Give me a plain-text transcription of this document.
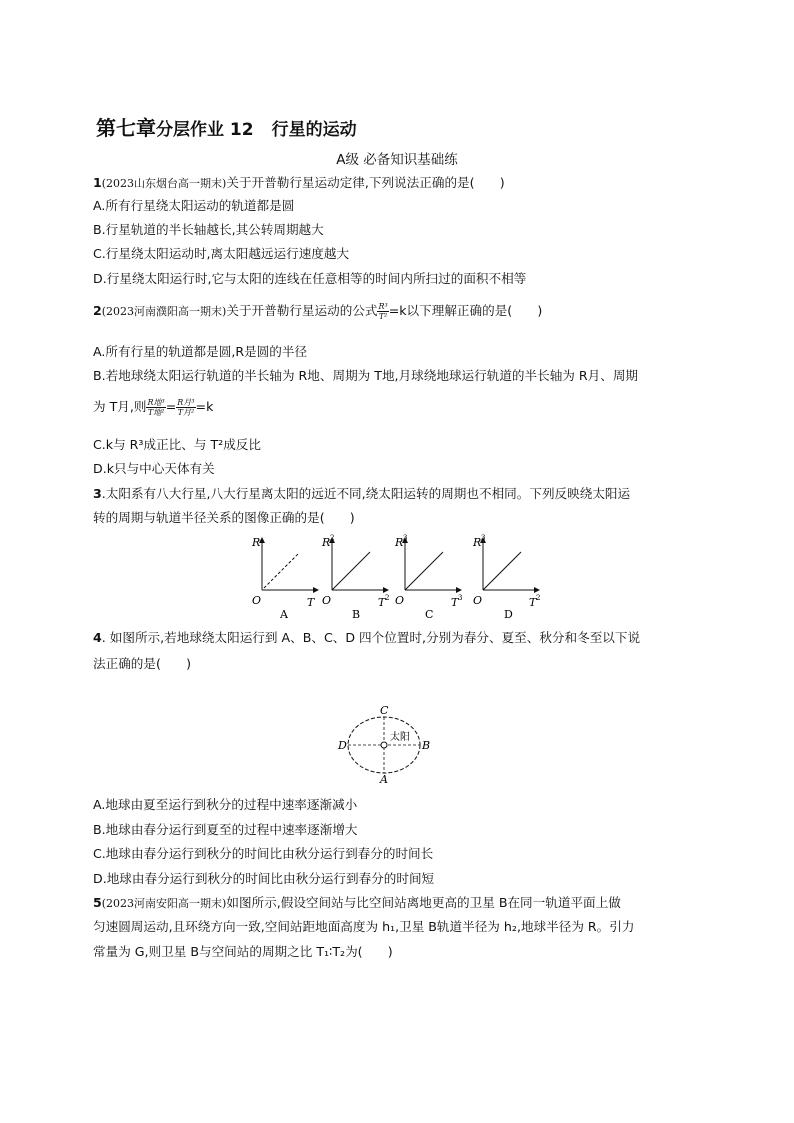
第七章分层作业 12 行星的运动
A级 必备知识基础练
1(2023山东烟台高一期末)关于开普勒行星运动定律,下列说法正确的是(　　)
A.所有行星绕太阳运动的轨道都是圆
B.行星轨道的半长轴越长,其公转周期越大
C.行星绕太阳运动时,离太阳越远运行速度越大
D.行星绕太阳运行时,它与太阳的连线在任意相等的时间内所扫过的面积不相等
2(2023河南濮阳高一期末)关于开普勒行星运动的公式 $\frac{\text{R³}}{\text{T²}} =k$以下理解正确的是(　　)
A.所有行星的轨道都是圆,R是圆的半径
B.若地球绕太阳运行轨道的半长轴为 R地、周期为 T地,月球绕地球运行轨道的半长轴为 R月、周期
为 T月,则 $\frac{\text{R地³}}{\text{T地²}} = \frac{\text{R月³}}{\text{T月²}} =k$
C.k与 R³成正比、与 T²成反比
D.k只与中心天体有关
3.太阳系有八大行星,八大行星离太阳的远近不同,绕太阳运转的周期也不相同。下列反映绕太阳运
转的周期与轨道半径关系的图像正确的是(　　)
R
T
O
A
R 2
T 2
O
B
R 3
T 3
O
C
R 3
T 2
O
D
4. 如图所示,若地球绕太阳运行到 A、B、C、D 四个位置时,分别为春分、夏至、秋分和冬至以下说
法正确的是(　　)
C
A
D	B
太阳
A.地球由夏至运行到秋分的过程中速率逐渐减小
B.地球由春分运行到夏至的过程中速率逐渐增大
C.地球由春分运行到秋分的时间比由秋分运行到春分的时间长
D.地球由春分运行到秋分的时间比由秋分运行到春分的时间短
5(2023河南安阳高一期末)如图所示,假设空间站与比空间站离地更高的卫星 B在同一轨道平面上做
匀速圆周运动,且环绕方向一致,空间站距地面高度为 h₁,卫星 B轨道半径为 h₂,地球半径为 R。引力
常量为 G,则卫星 B与空间站的周期之比 T₁∶T₂为(　　)
